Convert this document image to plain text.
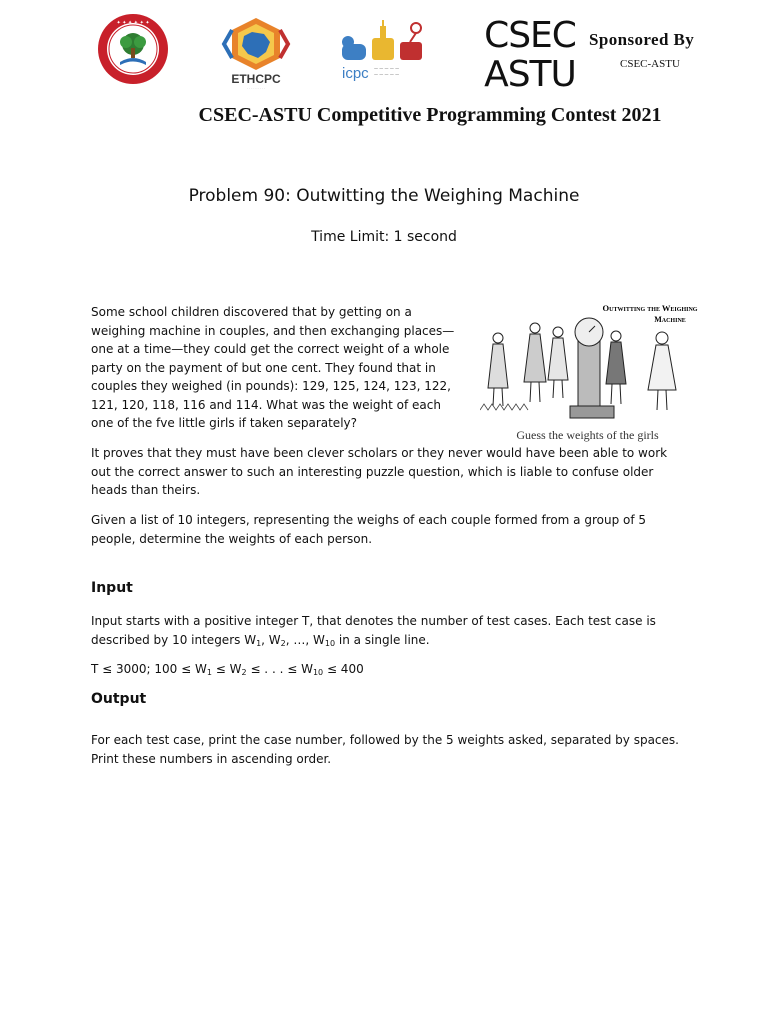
✦ ✦ ✦ ✦ ✦ ✦
ETHCPC
· · · · · · · · · ·
icpc — — — — —
— — — — —
CSEC
ASTU
Sponsored By
CSEC-ASTU
CSEC-ASTU Competitive Programming Contest 2021
Problem 90: Outwitting the Weighing Machine
Time Limit: 1 second
Some school children discovered that by getting on a weighing machine in couples, and then exchanging places—one at a time—they could get the correct weight of a whole party on the payment of but one cent. They found that in couples they weighed (in pounds): 129, 125, 124, 123, 122, 121, 120, 118, 116 and 114. What was the weight of each one of the fve little girls if taken separately?
Outwitting the Weighing
Machine
Guess the weights of the girls
It proves that they must have been clever scholars or they never would have been able to work out the correct answer to such an interesting puzzle question, which is liable to confuse older heads than theirs.
Given a list of 10 integers, representing the weighs of each couple formed from a group of 5 people, determine the weights of each person.
Input
Input starts with a positive integer T, that denotes the number of test cases. Each test case is described by 10 integers $W_1$, $W_2$, …, $W_{10}$ in a single line.
T ≤ 3000; $100 \le W_1 \le W_2$ ≤ . . . ≤ $W_{10} \le 400$
Output
For each test case, print the case number, followed by the 5 weights asked, separated by spaces. Print these numbers in ascending order.
